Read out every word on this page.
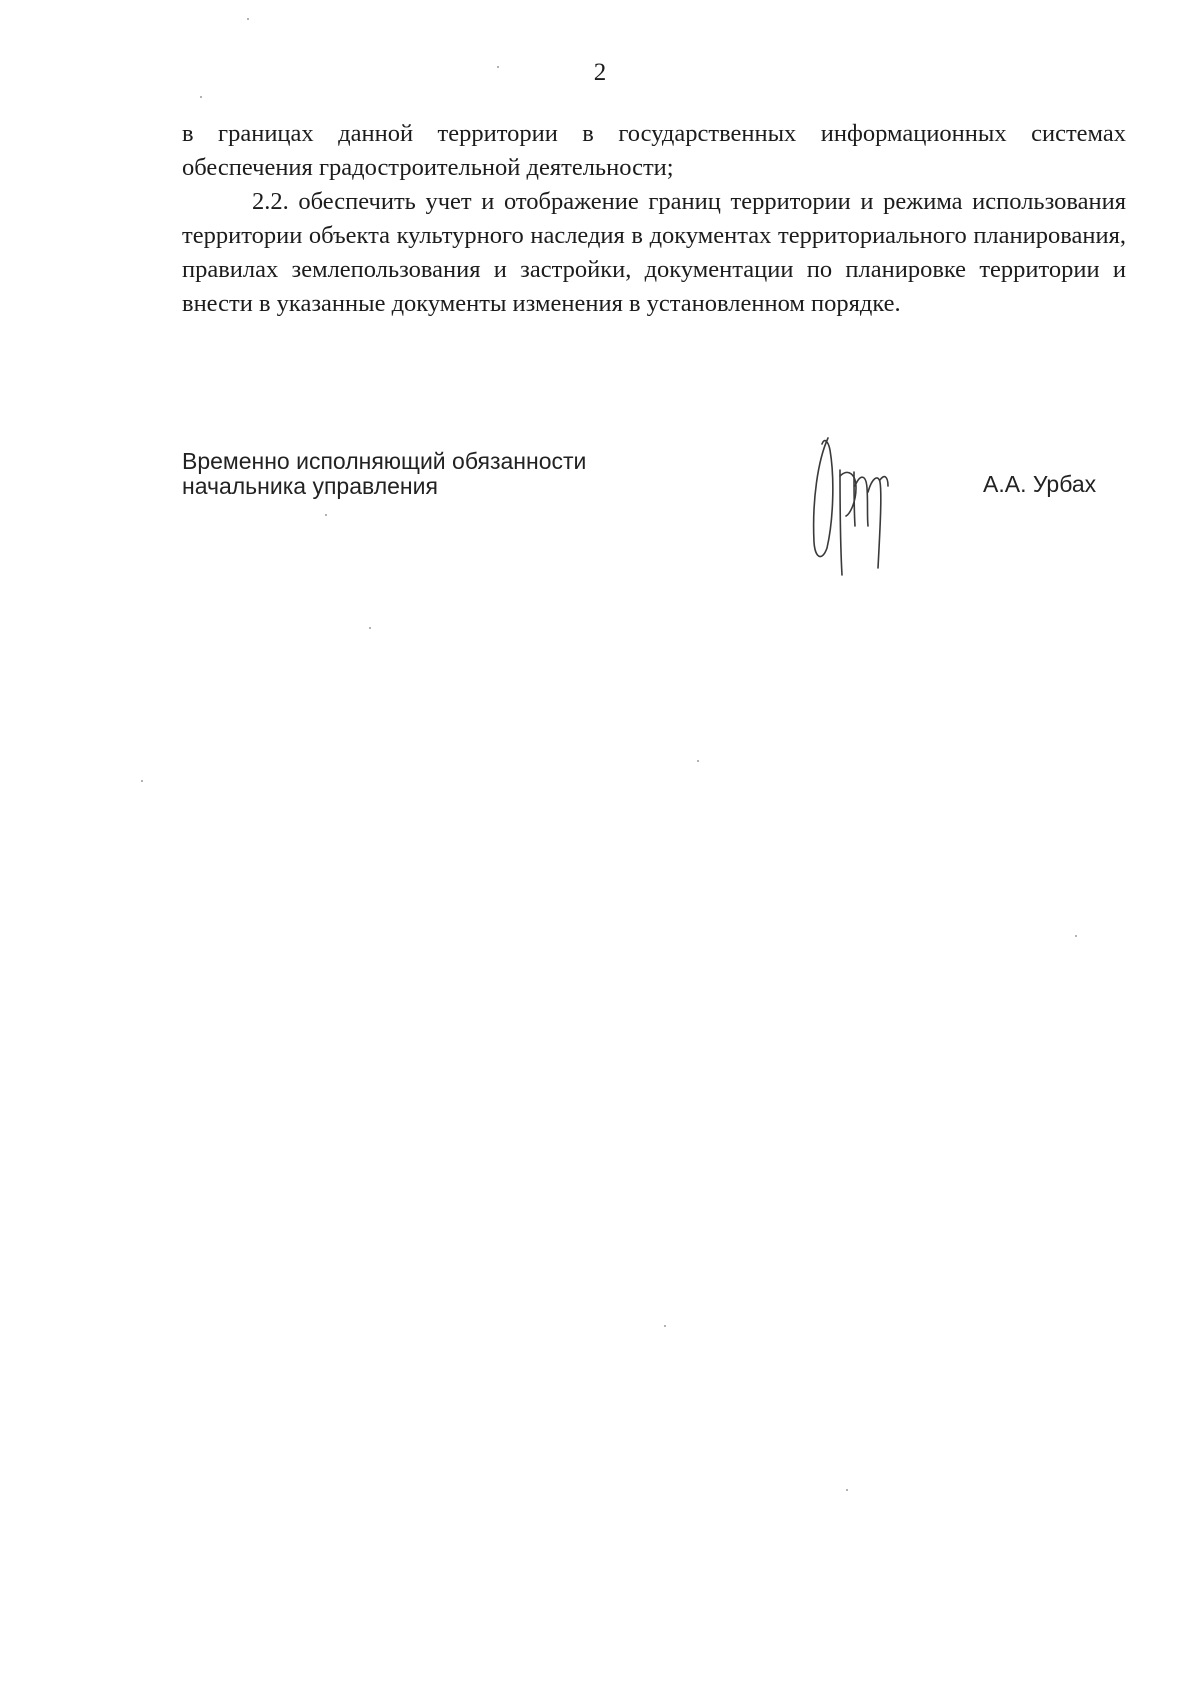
2

в границах данной территории в государственных информационных системах обеспечения градостроительной деятельности;

2.2. обеспечить учет и отображение границ территории и режима использования территории объекта культурного наследия в документах территориального планирования, правилах землепользования и застройки, документации по планировке территории и внести в указанные документы изменения в установленном порядке.

Временно исполняющий обязанности
начальника управления	А.А. Урбах
